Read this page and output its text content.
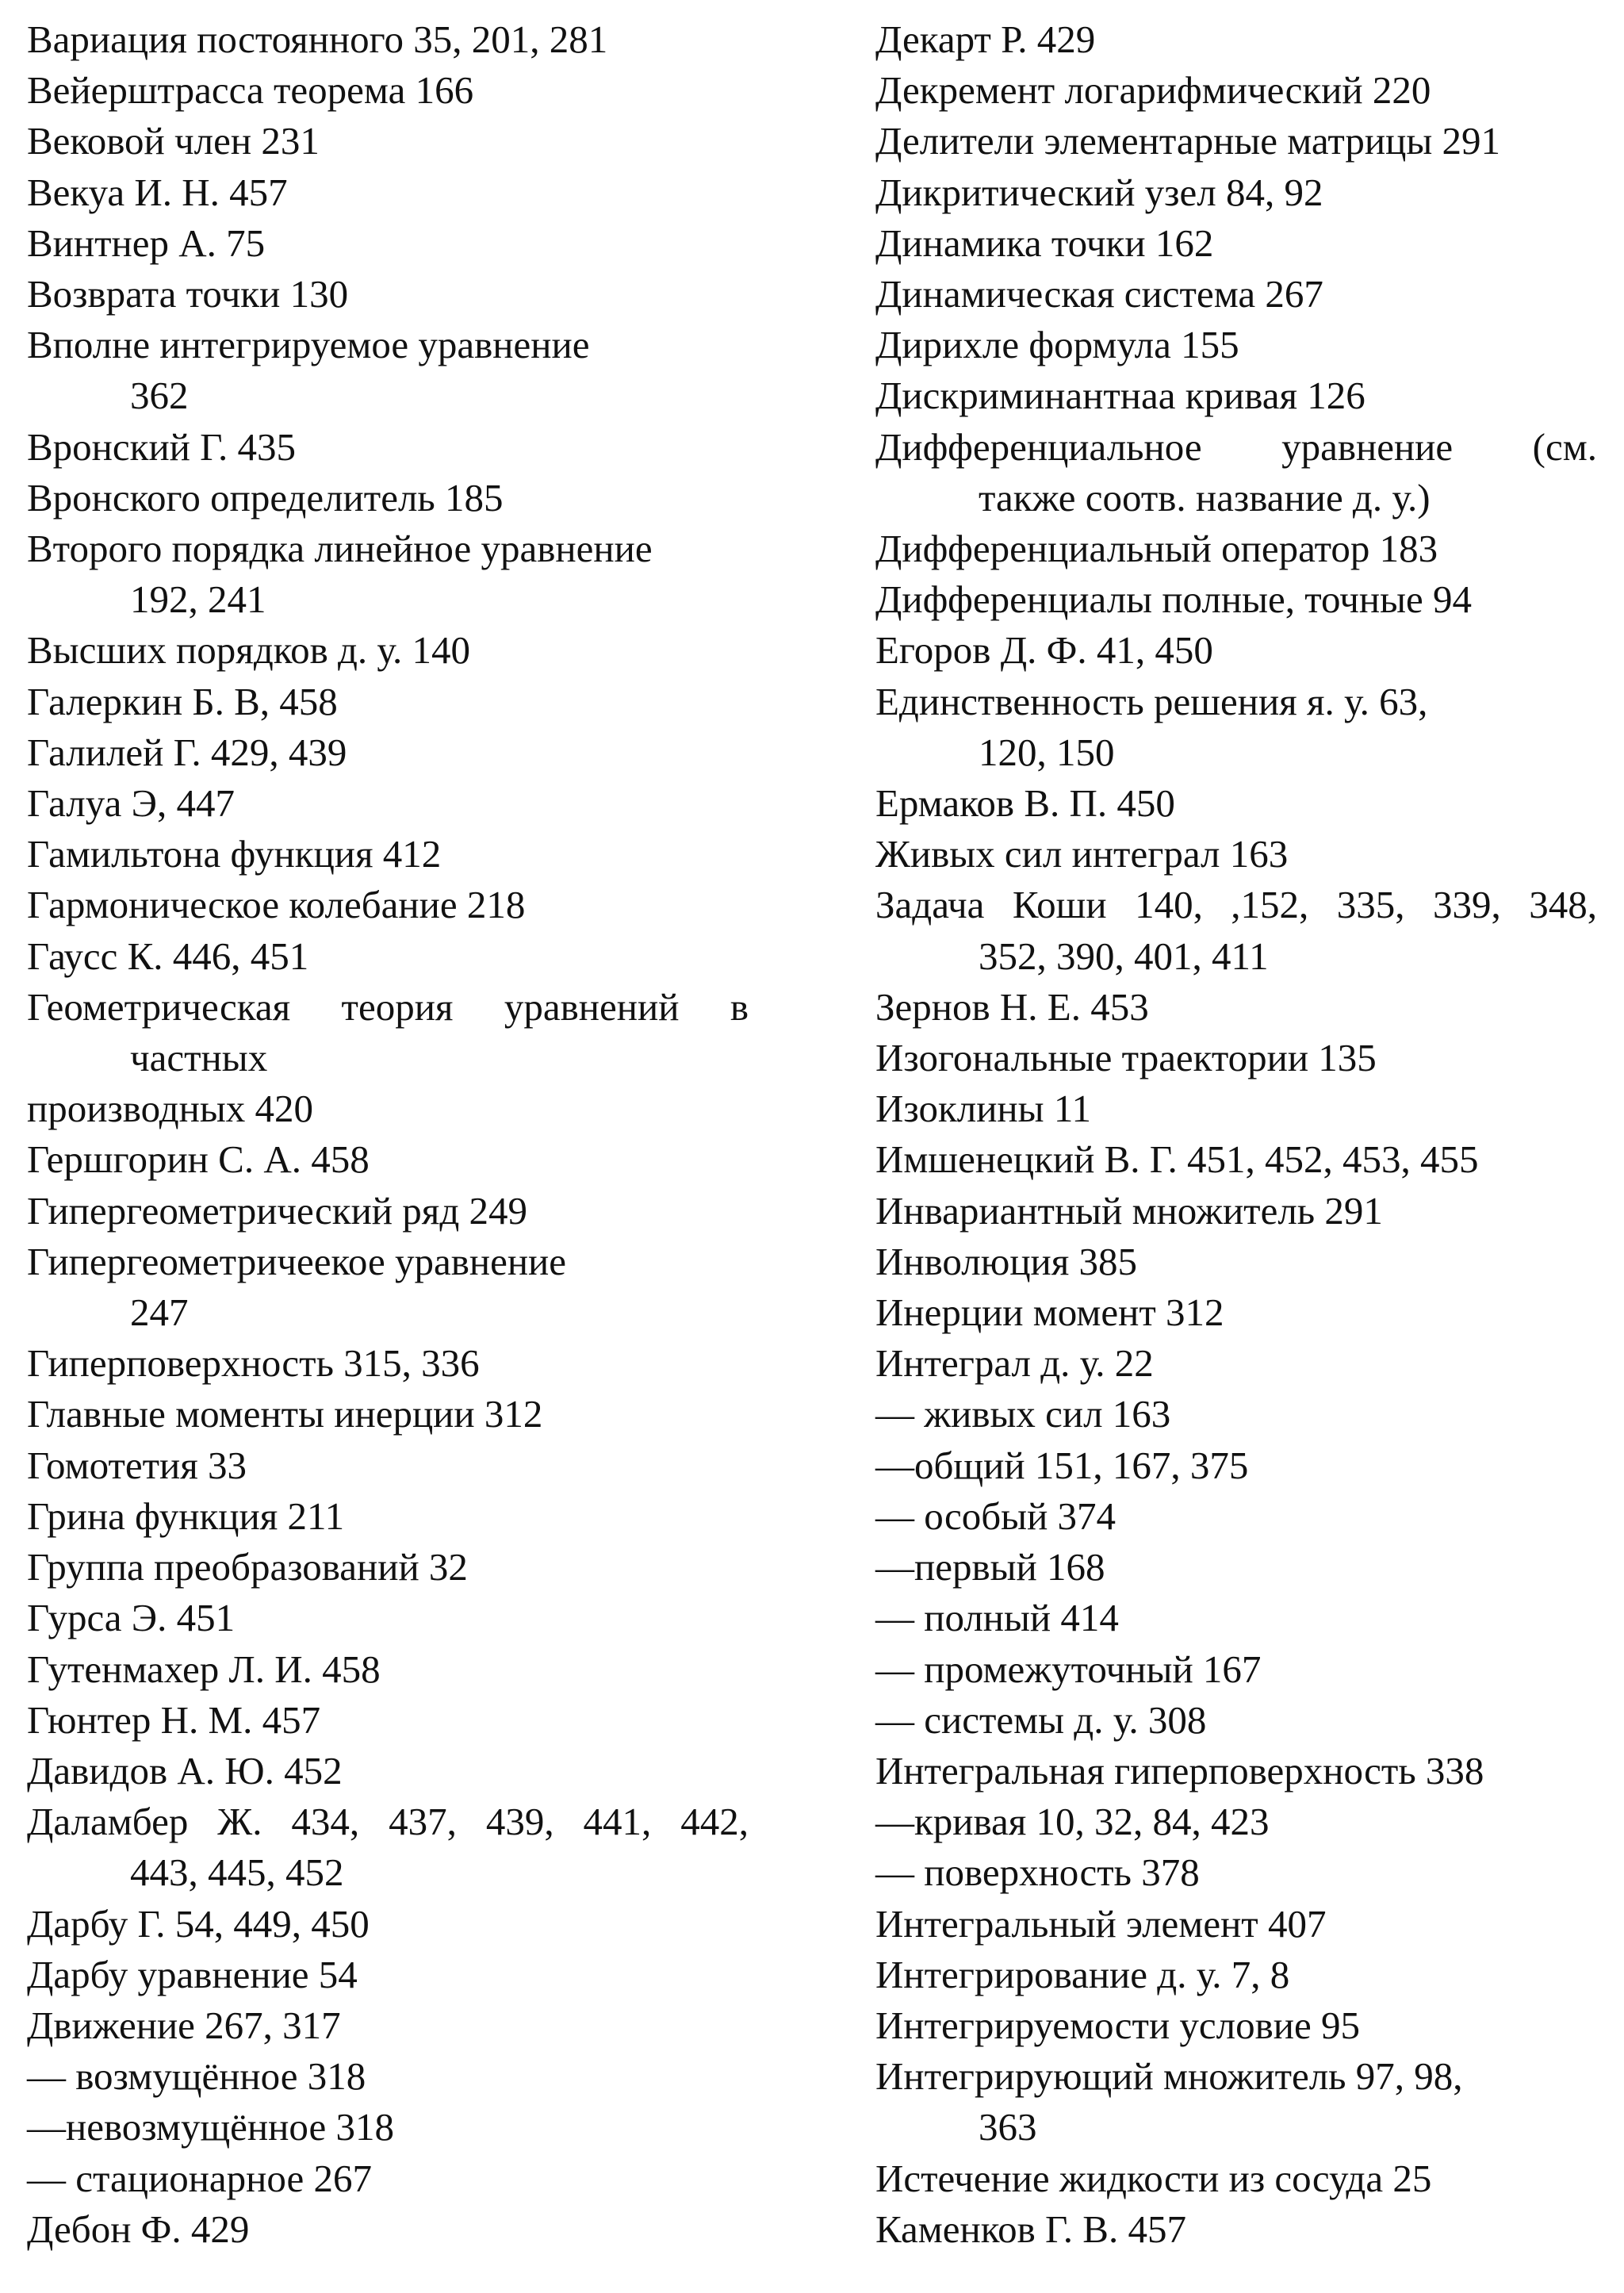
Вариация постоянного 35, 201, 281
Вейерштрасса теорема 166
Вековой член 231
Векуа И. Н. 457
Винтнер А. 75
Возврата точки 130
Вполне интегрируемое уравнение
362
Вронский Г. 435
Вронского определитель 185
Второго порядка линейное уравнение
192, 241
Высших порядков д. у. 140
Галеркин Б. В, 458
Галилей Г. 429, 439
Галуа Э, 447
Гамильтона функция 412
Гармоническое колебание 218
Гаусс К. 446, 451
Геометрическая теория уравнений в
частных
производных 420
Гершгорин С. А. 458
Гипергеометрический ряд 249
Гипергеометричеекое уравнение
247
Гиперповерхность 315, 336
Главные моменты инерции 312
Гомотетия 33
Грина функция 211
Группа преобразований 32
Гурса Э. 451
Гутенмахер Л. И. 458
Гюнтер Н. М. 457
Давидов А. Ю. 452
Даламбер Ж. 434, 437, 439, 441, 442,
443, 445, 452
Дарбу Г. 54, 449, 450
Дарбу уравнение 54
Движение 267, 317
— возмущённое 318
—невозмущённое 318
— стационарное 267
Дебон Ф. 429
Декарт Р. 429
Декремент логарифмический 220
Делители элементарные матрицы 291
Дикритический узел 84, 92
Динамика точки 162
Динамическая система 267
Дирихле формула 155
Дискриминантнаа кривая 126
Дифференциальное уравнение (см.
также соотв. название д. у.)
Дифференциальный оператор 183
Дифференциалы полные, точные 94
Егоров Д. Ф. 41, 450
Единственность решения я. у. 63,
120, 150
Ермаков В. П. 450
Живых сил интеграл 163
Задача Коши 140, ,152, 335, 339, 348,
352, 390, 401, 411
Зернов Н. Е. 453
Изогональные траектории 135
Изоклины 11
Имшенецкий В. Г. 451, 452, 453, 455
Инвариантный множитель 291
Инволюция 385
Инерции момент 312
Интеграл д. у. 22
— живых сил 163
—общий 151, 167, 375
— особый 374
—первый 168
— полный 414
— промежуточный 167
— системы д. у. 308
Интегральная гиперповерхность 338
—кривая 10, 32, 84, 423
— поверхность 378
Интегральный элемент 407
Интегрирование д. у. 7, 8
Интегрируемости условие 95
Интегрирующий множитель 97, 98,
363
Истечение жидкости из сосуда 25
Каменков Г. В. 457
